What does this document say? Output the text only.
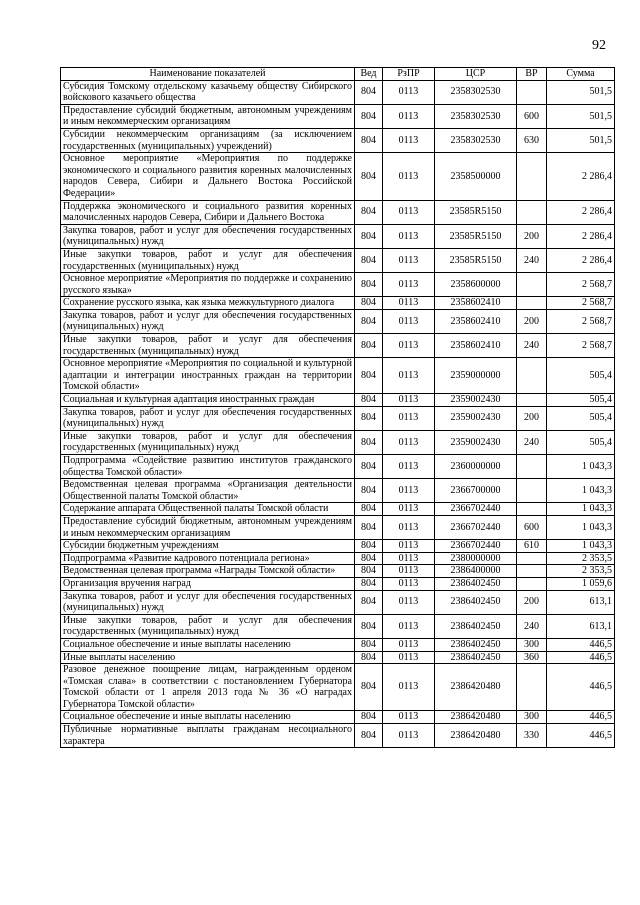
92
Наименование показателей	Вед	РзПР	ЦСР	ВР	Сумма
Субсидия Томскому отдельскому казачьему обществу Сибирского войскового казачьего общества	804	0113	2358302530		501,5
Предоставление субсидий бюджетным, автономным учреждениям и иным некоммерческим организациям	804	0113	2358302530	600	501,5
Субсидии некоммерческим организациям (за исключением государственных (муниципальных) учреждений)	804	0113	2358302530	630	501,5
Основное мероприятие «Мероприятия по поддержке экономического и социального развития коренных малочисленных народов Севера, Сибири и Дальнего Востока Российской Федерации»	804	0113	2358500000		2 286,4
Поддержка экономического и социального развития коренных малочисленных народов Севера, Сибири и Дальнего Востока	804	0113	23585R5150		2 286,4
Закупка товаров, работ и услуг для обеспечения государственных (муниципальных) нужд	804	0113	23585R5150	200	2 286,4
Иные закупки товаров, работ и услуг для обеспечения государственных (муниципальных) нужд	804	0113	23585R5150	240	2 286,4
Основное мероприятие «Мероприятия по поддержке и сохранению русского языка»	804	0113	2358600000		2 568,7
Сохранение русского языка, как языка межкультурного диалога	804	0113	2358602410		2 568,7
Закупка товаров, работ и услуг для обеспечения государственных (муниципальных) нужд	804	0113	2358602410	200	2 568,7
Иные закупки товаров, работ и услуг для обеспечения государственных (муниципальных) нужд	804	0113	2358602410	240	2 568,7
Основное мероприятие «Мероприятия по социальной и культурной адаптации и интеграции иностранных граждан на территории Томской области»	804	0113	2359000000		505,4
Социальная и культурная адаптация иностранных граждан	804	0113	2359002430		505,4
Закупка товаров, работ и услуг для обеспечения государственных (муниципальных) нужд	804	0113	2359002430	200	505,4
Иные закупки товаров, работ и услуг для обеспечения государственных (муниципальных) нужд	804	0113	2359002430	240	505,4
Подпрограмма «Содействие развитию институтов гражданского общества Томской области»	804	0113	2360000000		1 043,3
Ведомственная целевая программа «Организация деятельности Общественной палаты Томской области»	804	0113	2366700000		1 043,3
Содержание аппарата Общественной палаты Томской области	804	0113	2366702440		1 043,3
Предоставление субсидий бюджетным, автономным учреждениям и иным некоммерческим организациям	804	0113	2366702440	600	1 043,3
Субсидии бюджетным учреждениям	804	0113	2366702440	610	1 043,3
Подпрограмма «Развитие кадрового потенциала региона»	804	0113	2380000000		2 353,5
Ведомственная целевая программа «Награды Томской области»	804	0113	2386400000		2 353,5
Организация вручения наград	804	0113	2386402450		1 059,6
Закупка товаров, работ и услуг для обеспечения государственных (муниципальных) нужд	804	0113	2386402450	200	613,1
Иные закупки товаров, работ и услуг для обеспечения государственных (муниципальных) нужд	804	0113	2386402450	240	613,1
Социальное обеспечение и иные выплаты населению	804	0113	2386402450	300	446,5
Иные выплаты населению	804	0113	2386402450	360	446,5
Разовое денежное поощрение лицам, награжденным орденом «Томская слава» в соответствии с постановлением Губернатора Томской области от 1 апреля 2013 года № 36 «О наградах Губернатора Томской области»	804	0113	2386420480		446,5
Социальное обеспечение и иные выплаты населению	804	0113	2386420480	300	446,5
Публичные нормативные выплаты гражданам несоциального характера	804	0113	2386420480	330	446,5
